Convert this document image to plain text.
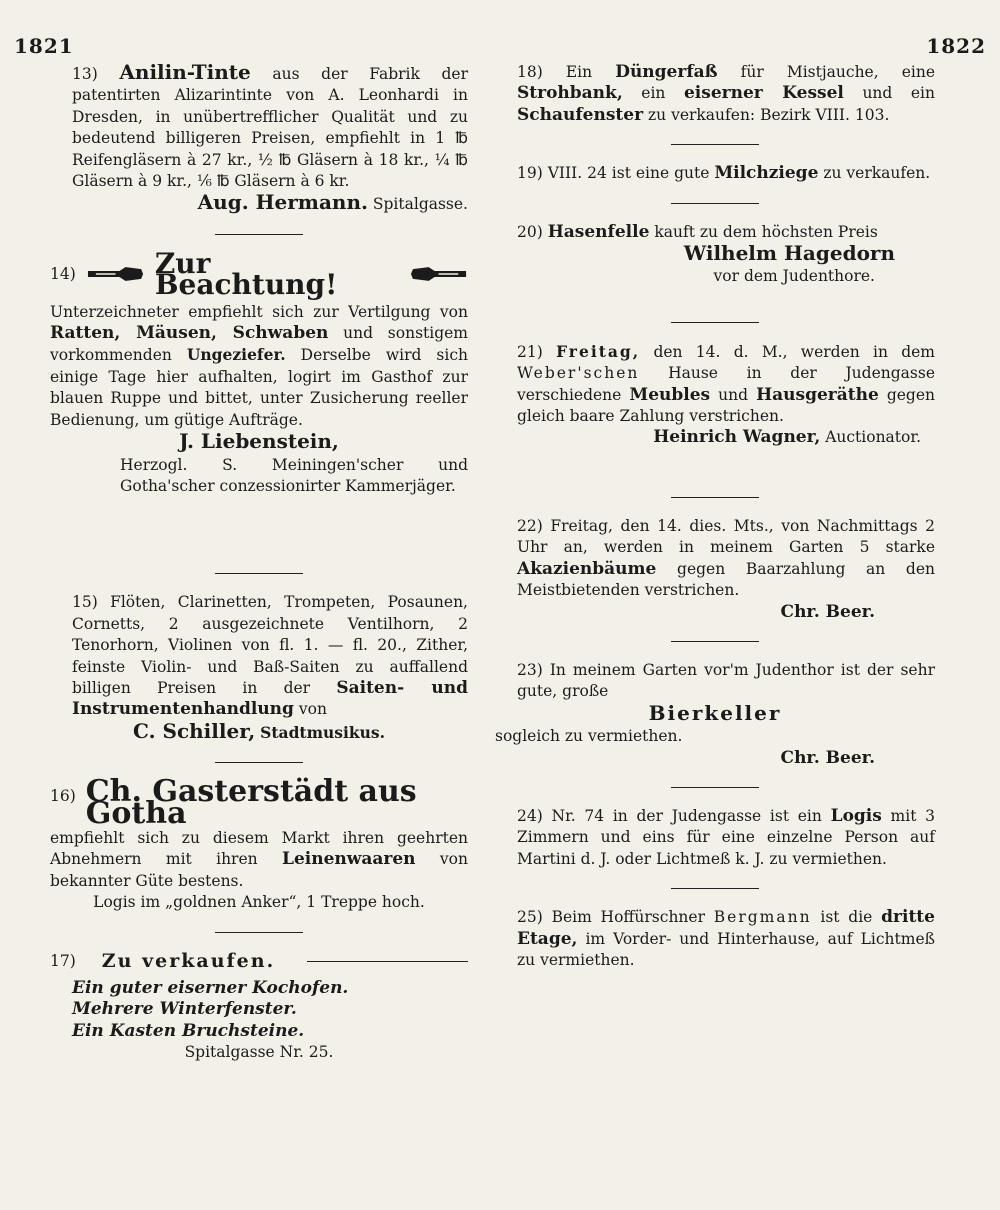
1821	1822

13) Anilin-Tinte aus der Fabrik der patentirten Alizarintinte von A. Leonhardi in Dresden, in unübertrefflicher Qualität und zu bedeutend billigeren Preisen, empfiehlt in 1 ℔ Reifengläsern à 27 kr., ½ ℔ Gläsern à 18 kr., ¼ ℔ Gläsern à 9 kr., ⅙ ℔ Gläsern à 6 kr.

Aug. Hermann. Spitalgasse.

14)	Zur Beachtung!

Unterzeichneter empfiehlt sich zur Vertilgung von Ratten, Mäusen, Schwaben und sonstigem vorkommenden Ungeziefer. Derselbe wird sich einige Tage hier aufhalten, logirt im Gasthof zur blauen Ruppe und bittet, unter Zusicherung reeller Bedienung, um gütige Aufträge.

J. Liebenstein,

Herzogl. S. Meiningen'scher und Gotha'scher conzessionirter Kammerjäger.

15) Flöten, Clarinetten, Trompeten, Posaunen, Cornetts, 2 ausgezeichnete Ventilhorn, 2 Tenorhorn, Violinen von fl. 1. — fl. 20., Zither, feinste Violin- und Baß-Saiten zu auffallend billigen Preisen in der Saiten- und Instrumentenhandlung von

C. Schiller, Stadtmusikus.

16) Ch. Gasterstädt aus Gotha

empfiehlt sich zu diesem Markt ihren geehrten Abnehmern mit ihren Leinenwaaren von bekannter Güte bestens.

Logis im „goldnen Anker“, 1 Treppe hoch.

17) Zu verkaufen.

Ein guter eiserner Kochofen.

Mehrere Winterfenster.

Ein Kasten Bruchsteine.

Spitalgasse Nr. 25.

18) Ein Düngerfaß für Mistjauche, eine Strohbank, ein eiserner Kessel und ein Schaufenster zu verkaufen: Bezirk VIII. 103.

19) VIII. 24 ist eine gute Milchziege zu verkaufen.

20) Hasenfelle kauft zu dem höchsten Preis

Wilhelm Hagedorn

vor dem Judenthore.

21) Freitag, den 14. d. M., werden in dem Weber'schen Hause in der Judengasse verschiedene Meubles und Hausgeräthe gegen gleich baare Zahlung verstrichen.

Heinrich Wagner, Auctionator.

22) Freitag, den 14. dies. Mts., von Nachmittags 2 Uhr an, werden in meinem Garten 5 starke Akazienbäume gegen Baarzahlung an den Meistbietenden verstrichen.

Chr. Beer.

23) In meinem Garten vor'm Judenthor ist der sehr gute, große

Bierkeller

sogleich zu vermiethen.

Chr. Beer.

24) Nr. 74 in der Judengasse ist ein Logis mit 3 Zimmern und eins für eine einzelne Person auf Martini d. J. oder Lichtmeß k. J. zu vermiethen.

25) Beim Hoffürschner Bergmann ist die dritte Etage, im Vorder- und Hinterhause, auf Lichtmeß zu vermiethen.
